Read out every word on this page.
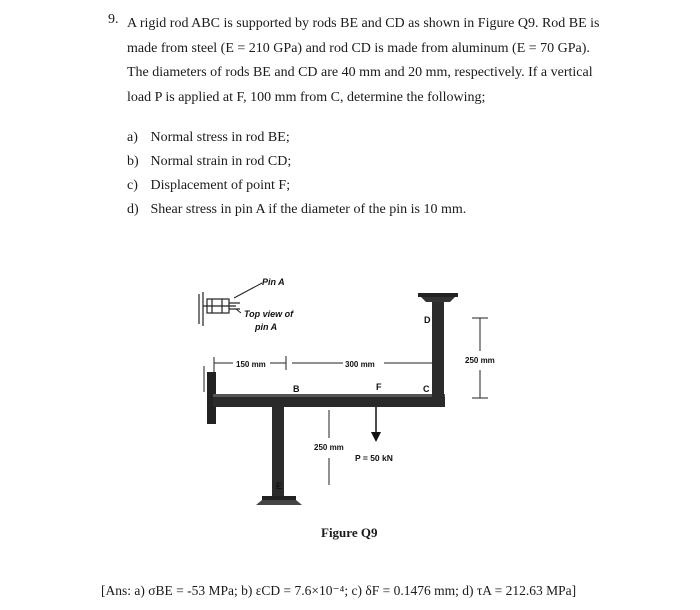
9. A rigid rod ABC is supported by rods BE and CD as shown in Figure Q9. Rod BE is

made from steel (E = 210 GPa) and rod CD is made from aluminum (E = 70 GPa).

The diameters of rods BE and CD are 40 mm and 20 mm, respectively. If a vertical

load P is applied at F, 100 mm from C, determine the following;

a) Normal stress in rod BE;
b) Normal strain in rod CD;
c) Displacement of point F;
d) Shear stress in pin A if the diameter of the pin is 10 mm.
Pin A
Top view of
pin A
150 mm	300 mm	250 mm
250 mm
B	C
D
E
F
P = 50 kN
Figure Q9
[Ans: a) σBE = -53 MPa; b) εCD = 7.6×10⁻⁴; c) δF = 0.1476 mm; d) τA = 212.63 MPa]
